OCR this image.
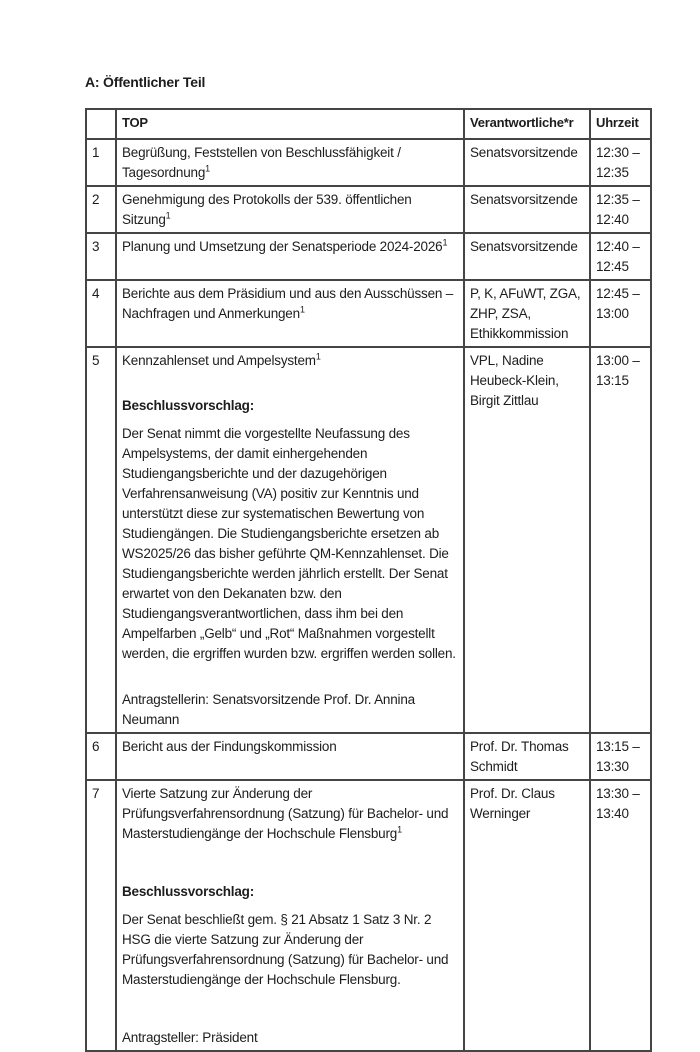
A: Öffentlicher Teil
	TOP	Verantwortliche*r	Uhrzeit
1	Begrüßung, Feststellen von Beschlussfähigkeit / Tagesordnung$^1$	Senatsvorsitzende	12:30 – 12:35
2	Genehmigung des Protokolls der 539. öffentlichen Sitzung$^1$	Senatsvorsitzende	12:35 – 12:40
3	Planung und Umsetzung der Senatsperiode 2024-2026$^1$	Senatsvorsitzende	12:40 – 12:45
4	Berichte aus dem Präsidium und aus den Ausschüssen – Nachfragen und Anmerkungen$^1$	P, K, AFuWT, ZGA, ZHP, ZSA, Ethikkommission	12:45 – 13:00
5	Kennzahlenset und Ampelsystem$^1$

Beschlussvorschlag:

Der Senat nimmt die vorgestellte Neufassung des Ampelsystems, der damit einhergehenden Studiengangsberichte und der dazugehörigen Verfahrensanweisung (VA) positiv zur Kenntnis und unterstützt diese zur systematischen Bewertung von Studiengängen. Die Studiengangsberichte ersetzen ab WS2025/26 das bisher geführte QM-Kennzahlenset. Die Studiengangsberichte werden jährlich erstellt. Der Senat erwartet von den Dekanaten bzw. den Studiengangsverantwortlichen, dass ihm bei den Ampelfarben „Gelb“ und „Rot“ Maßnahmen vorgestellt werden, die ergriffen wurden bzw. ergriffen werden sollen.

Antragstellerin: Senatsvorsitzende Prof. Dr. Annina Neumann	VPL, Nadine Heubeck-Klein, Birgit Zittlau	13:00 – 13:15
6	Bericht aus der Findungskommission	Prof. Dr. Thomas Schmidt	13:15 – 13:30
7	Vierte Satzung zur Änderung der Prüfungsverfahrensordnung (Satzung) für Bachelor- und Masterstudiengänge der Hochschule Flensburg$^1$

Beschlussvorschlag:

Der Senat beschließt gem. § 21 Absatz 1 Satz 3 Nr. 2 HSG die vierte Satzung zur Änderung der Prüfungsverfahrensordnung (Satzung) für Bachelor- und Masterstudiengänge der Hochschule Flensburg.

Antragsteller: Präsident	Prof. Dr. Claus Werninger	13:30 – 13:40
